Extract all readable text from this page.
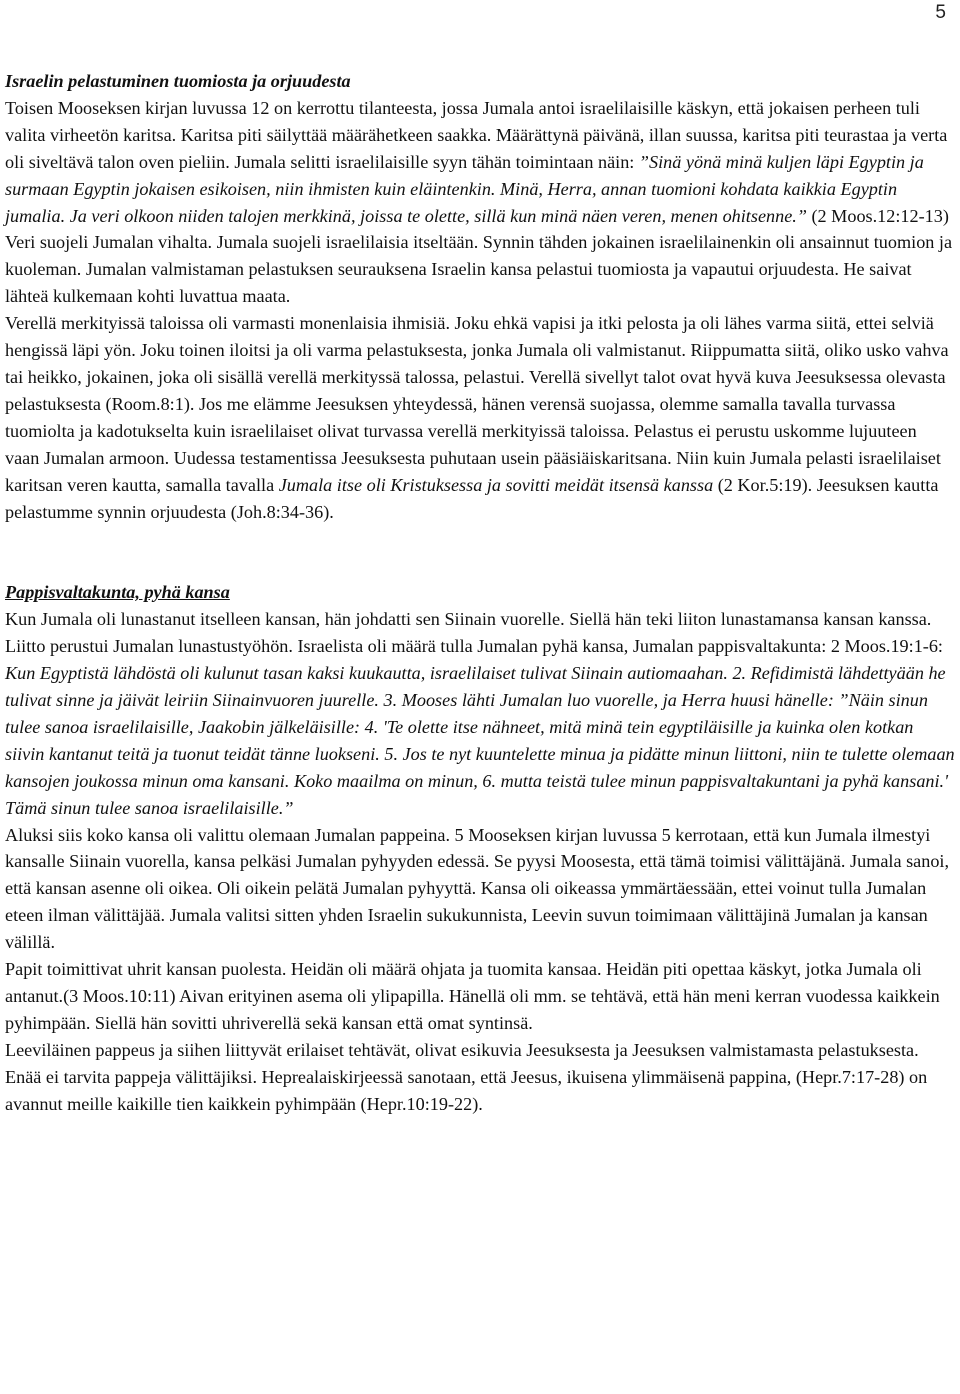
5

Israelin pelastuminen tuomiosta ja orjuudesta

Toisen Mooseksen kirjan luvussa 12 on kerrottu tilanteesta, jossa Jumala antoi israelilaisille käskyn, että jokaisen perheen tuli valita virheetön karitsa. Karitsa piti säilyttää määrähetkeen saakka. Määrättynä päivänä, illan suussa, karitsa piti teurastaa ja verta oli siveltävä talon oven pieliin. Jumala selitti israelilaisille syyn tähän toimintaan näin: ”Sinä yönä minä kuljen läpi Egyptin ja surmaan Egyptin jokaisen esikoisen, niin ihmisten kuin eläintenkin. Minä, Herra, annan tuomioni kohdata kaikkia Egyptin jumalia. Ja veri olkoon niiden talojen merkkinä, joissa te olette, sillä kun minä näen veren, menen ohitsenne.” (2 Moos.12:12-13) Veri suojeli Jumalan vihalta. Jumala suojeli israelilaisia itseltään. Synnin tähden jokainen israelilainenkin oli ansainnut tuomion ja kuoleman. Jumalan valmistaman pelastuksen seurauksena Israelin kansa pelastui tuomiosta ja vapautui orjuudesta. He saivat lähteä kulkemaan kohti luvattua maata.

Verellä merkityissä taloissa oli varmasti monenlaisia ihmisiä. Joku ehkä vapisi ja itki pelosta ja oli lähes varma siitä, ettei selviä hengissä läpi yön. Joku toinen iloitsi ja oli varma pelastuksesta, jonka Jumala oli valmistanut. Riippumatta siitä, oliko usko vahva tai heikko, jokainen, joka oli sisällä verellä merkityssä talossa, pelastui. Verellä sivellyt talot ovat hyvä kuva Jeesuksessa olevasta pelastuksesta (Room.8:1). Jos me elämme Jeesuksen yhteydessä, hänen verensä suojassa, olemme samalla tavalla turvassa tuomiolta ja kadotukselta kuin israelilaiset olivat turvassa verellä merkityissä taloissa. Pelastus ei perustu uskomme lujuuteen vaan Jumalan armoon. Uudessa testamentissa Jeesuksesta puhutaan usein pääsiäiskaritsana. Niin kuin Jumala pelasti israelilaiset karitsan veren kautta, samalla tavalla Jumala itse oli Kristuksessa ja sovitti meidät itsensä kanssa (2 Kor.5:19). Jeesuksen kautta pelastumme synnin orjuudesta (Joh.8:34-36).

Pappisvaltakunta, pyhä kansa

Kun Jumala oli lunastanut itselleen kansan, hän johdatti sen Siinain vuorelle. Siellä hän teki liiton lunastamansa kansan kanssa. Liitto perustui Jumalan lunastustyöhön. Israelista oli määrä tulla Jumalan pyhä kansa, Jumalan pappisvaltakunta: 2 Moos.19:1-6: Kun Egyptistä lähdöstä oli kulunut tasan kaksi kuukautta, israelilaiset tulivat Siinain autiomaahan. 2. Refidimistä lähdettyään he tulivat sinne ja jäivät leiriin Siinainvuoren juurelle. 3. Mooses lähti Jumalan luo vuorelle, ja Herra huusi hänelle: ”Näin sinun tulee sanoa israelilaisille, Jaakobin jälkeläisille: 4. 'Te olette itse nähneet, mitä minä tein egyptiläisille ja kuinka olen kotkan siivin kantanut teitä ja tuonut teidät tänne luokseni. 5. Jos te nyt kuuntelette minua ja pidätte minun liittoni, niin te tulette olemaan kansojen joukossa minun oma kansani. Koko maailma on minun, 6. mutta teistä tulee minun pappisvaltakuntani ja pyhä kansani.' Tämä sinun tulee sanoa israelilaisille.”

Aluksi siis koko kansa oli valittu olemaan Jumalan pappeina. 5 Mooseksen kirjan luvussa 5 kerrotaan, että kun Jumala ilmestyi kansalle Siinain vuorella, kansa pelkäsi Jumalan pyhyyden edessä. Se pyysi Moosesta, että tämä toimisi välittäjänä. Jumala sanoi, että kansan asenne oli oikea. Oli oikein pelätä Jumalan pyhyyttä. Kansa oli oikeassa ymmärtäessään, ettei voinut tulla Jumalan eteen ilman välittäjää. Jumala valitsi sitten yhden Israelin sukukunnista, Leevin suvun toimimaan välittäjinä Jumalan ja kansan välillä.

Papit toimittivat uhrit kansan puolesta. Heidän oli määrä ohjata ja tuomita kansaa. Heidän piti opettaa käskyt, jotka Jumala oli antanut.(3 Moos.10:11) Aivan erityinen asema oli ylipapilla. Hänellä oli mm. se tehtävä, että hän meni kerran vuodessa kaikkein pyhimpään. Siellä hän sovitti uhriverellä sekä kansan että omat syntinsä.

Leeviläinen pappeus ja siihen liittyvät erilaiset tehtävät, olivat esikuvia Jeesuksesta ja Jeesuksen valmistamasta pelastuksesta. Enää ei tarvita pappeja välittäjiksi. Heprealaiskirjeessä sanotaan, että Jeesus, ikuisena ylimmäisenä pappina, (Hepr.7:17-28) on avannut meille kaikille tien kaikkein pyhimpään (Hepr.10:19-22).
